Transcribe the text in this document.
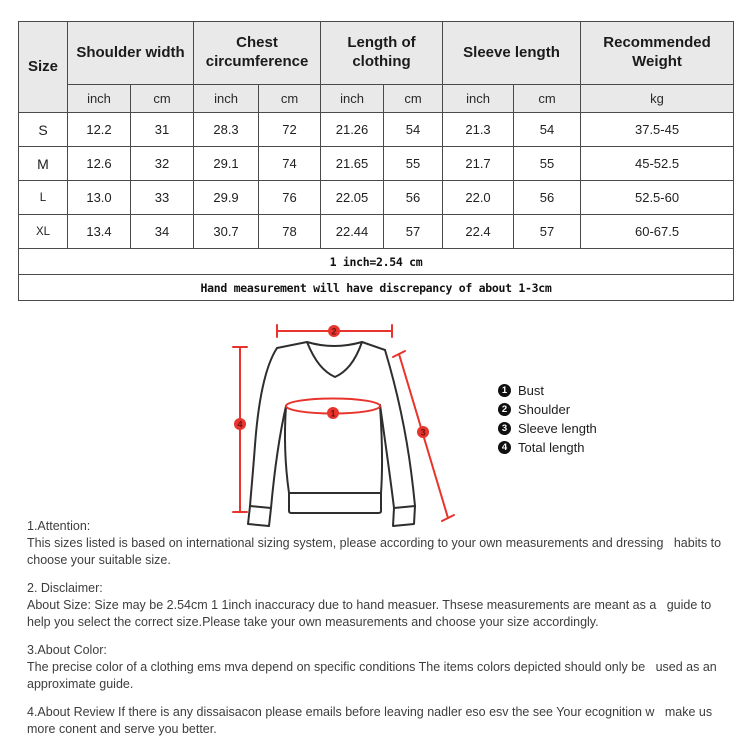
Size	Shoulder width		Chest circumference		Length of clothing		Sleeve length		Recommended Weight
	inch	cm	inch	cm	inch	cm	inch	cm	kg
S	12.2	31	28.3	72	21.26	54	21.3	54	37.5-45
M	12.6	32	29.1	74	21.65	55	21.7	55	45-52.5
L	13.0	33	29.9	76	22.05	56	22.0	56	52.5-60
XL	13.4	34	30.7	78	22.44	57	22.4	57	60-67.5
1 inch=2.54 cm									
Hand measurement will have discrepancy of about 1-3cm									
2
4
3
1
1 Bust
2 Shoulder
3 Sleeve length
4 Total length

1.Attention:

This sizes listed is based on international sizing system, please according to your own measurements and dressing   habits to choose your suitable size.

2. Disclaimer:

About Size: Size may be 2.54cm 1 1inch inaccuracy due to hand measuer. Thsese measurements are meant as a   guide to help you select the correct size.Please take your own measurements and choose your size accordingly.

3.About Color:

The precise color of a clothing ems mva depend on specific conditions The items colors depicted should only be   used as an approximate guide.

4.About Review If there is any dissaisacon please emails before leaving nadler eso esv the see Your ecognition w   make us more conent and serve you better.
